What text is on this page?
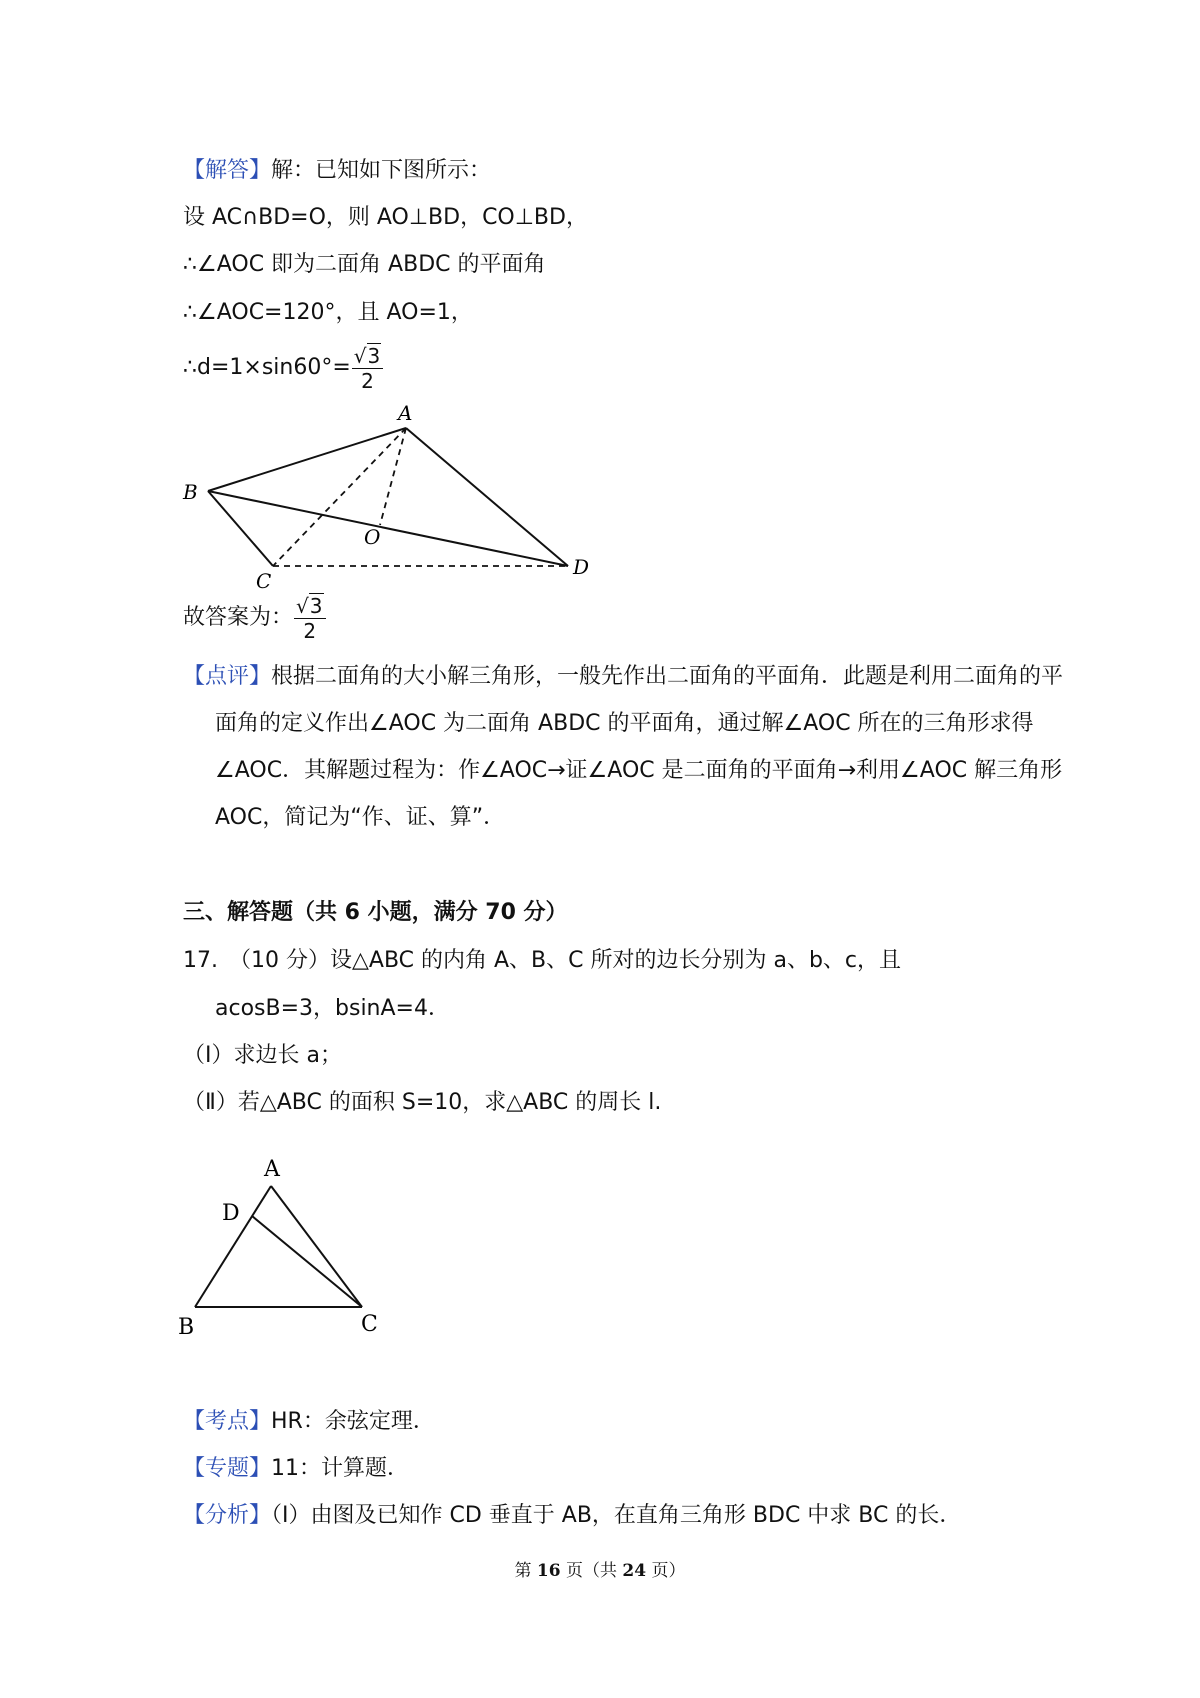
【解答】解：已知如下图所示：
设 AC∩BD=O，则 AO⊥BD，CO⊥BD，
∴∠AOC 即为二面角 A﻿BD﻿C 的平面角
∴∠AOC=120°，且 AO=1，
∴d=1×sin60°= $\frac{√3}{2}$
A
B
C
D
O
故答案为： $\frac{√3}{2}$
【点评】根据二面角的大小解三角形，一般先作出二面角的平面角．此题是利用二面角的平面角的定义作出∠AOC 为二面角 A﻿BD﻿C 的平面角，通过解∠AOC 所在的三角形求得∠AOC．其解题过程为：作∠AOC→证∠AOC 是二面角的平面角→利用∠AOC 解三角形 AOC，简记为“作、证、算”．
三、解答题（共 6 小题，满分 70 分）
17.　（10 分）设△ABC 的内角 A、B、C 所对的边长分别为 a、b、c，且
acosB=3，bsinA=4．
（Ⅰ）求边长 a；
（Ⅱ）若△ABC 的面积 S=10，求△ABC 的周长 l.
A
B	C
D
【考点】HR：余弦定理．
【专题】11：计算题．
【分析】（I）由图及已知作 CD 垂直于 AB，在直角三角形 BDC 中求 BC 的长．
第 16 页（共 24 页）
